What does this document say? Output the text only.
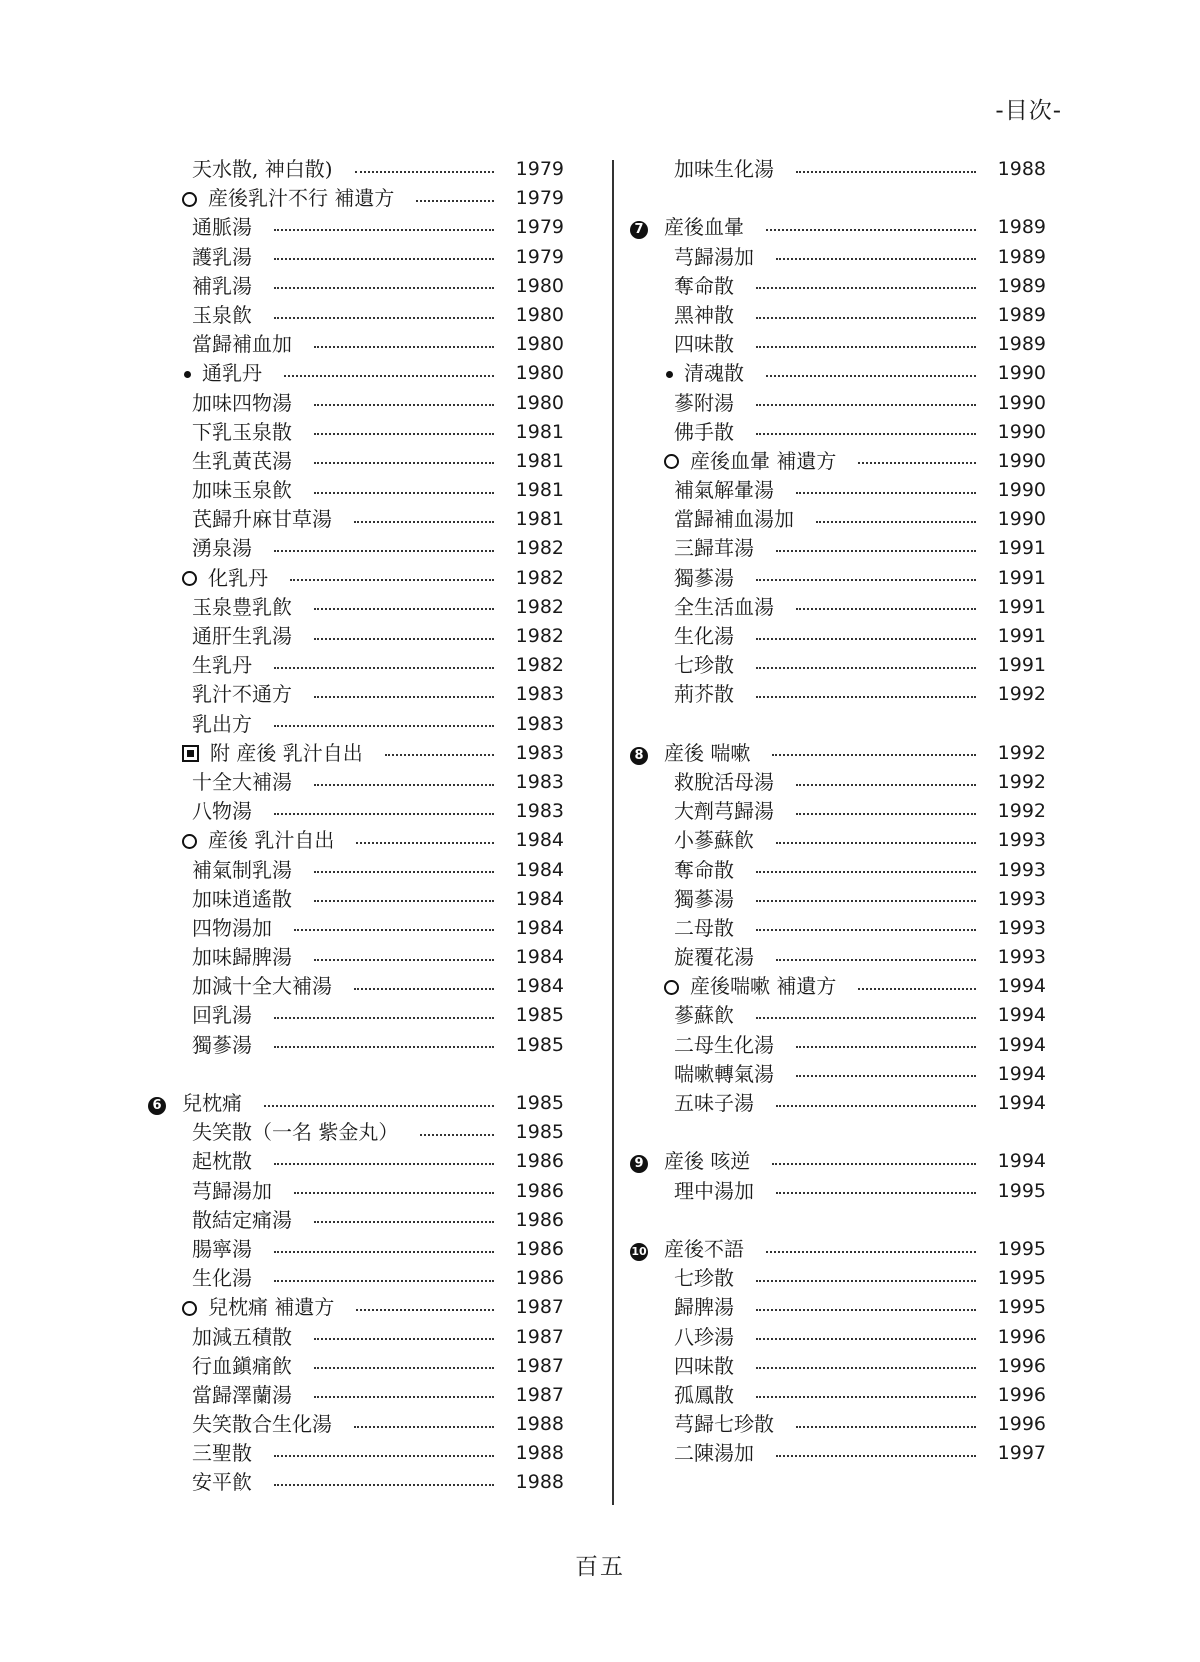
-目次-
天水散, 神白散)	1979
産後乳汁不行 補遺方	1979
通脈湯	1979
護乳湯	1979
補乳湯	1980
玉泉飮	1980
當歸補血加	1980
通乳丹	1980
加味四物湯	1980
下乳玉泉散	1981
生乳黃芪湯	1981
加味玉泉飮	1981
芪歸升麻甘草湯	1981
湧泉湯	1982
化乳丹	1982
玉泉豊乳飮	1982
通肝生乳湯	1982
生乳丹	1982
乳汁不通方	1983
乳出方	1983
附 産後 乳汁自出	1983
十全大補湯	1983
八物湯	1983
産後 乳汁自出	1984
補氣制乳湯	1984
加味逍遙散	1984
四物湯加	1984
加味歸脾湯	1984
加減十全大補湯	1984
回乳湯	1985
獨蔘湯	1985
6	兒枕痛	1985
失笑散（一名 紫金丸）	1985
起枕散	1986
芎歸湯加	1986
散結定痛湯	1986
腸寧湯	1986
生化湯	1986
兒枕痛 補遺方	1987
加減五積散	1987
行血鎭痛飮	1987
當歸澤蘭湯	1987
失笑散合生化湯	1988
三聖散	1988
安平飮	1988
加味生化湯	1988
7	産後血暈	1989
芎歸湯加	1989
奪命散	1989
黑神散	1989
四味散	1989
清魂散	1990
蔘附湯	1990
佛手散	1990
産後血暈 補遺方	1990
補氣解暈湯	1990
當歸補血湯加	1990
三歸茸湯	1991
獨蔘湯	1991
全生活血湯	1991
生化湯	1991
七珍散	1991
荊芥散	1992
8	産後 喘嗽	1992
救脫活母湯	1992
大劑芎歸湯	1992
小蔘蘇飮	1993
奪命散	1993
獨蔘湯	1993
二母散	1993
旋覆花湯	1993
産後喘嗽 補遺方	1994
蔘蘇飮	1994
二母生化湯	1994
喘嗽轉氣湯	1994
五味子湯	1994
9	産後 咳逆	1994
理中湯加	1995
10 産後不語	1995
七珍散	1995
歸脾湯	1995
八珍湯	1996
四味散	1996
孤鳳散	1996
芎歸七珍散	1996
二陳湯加	1997
百五
